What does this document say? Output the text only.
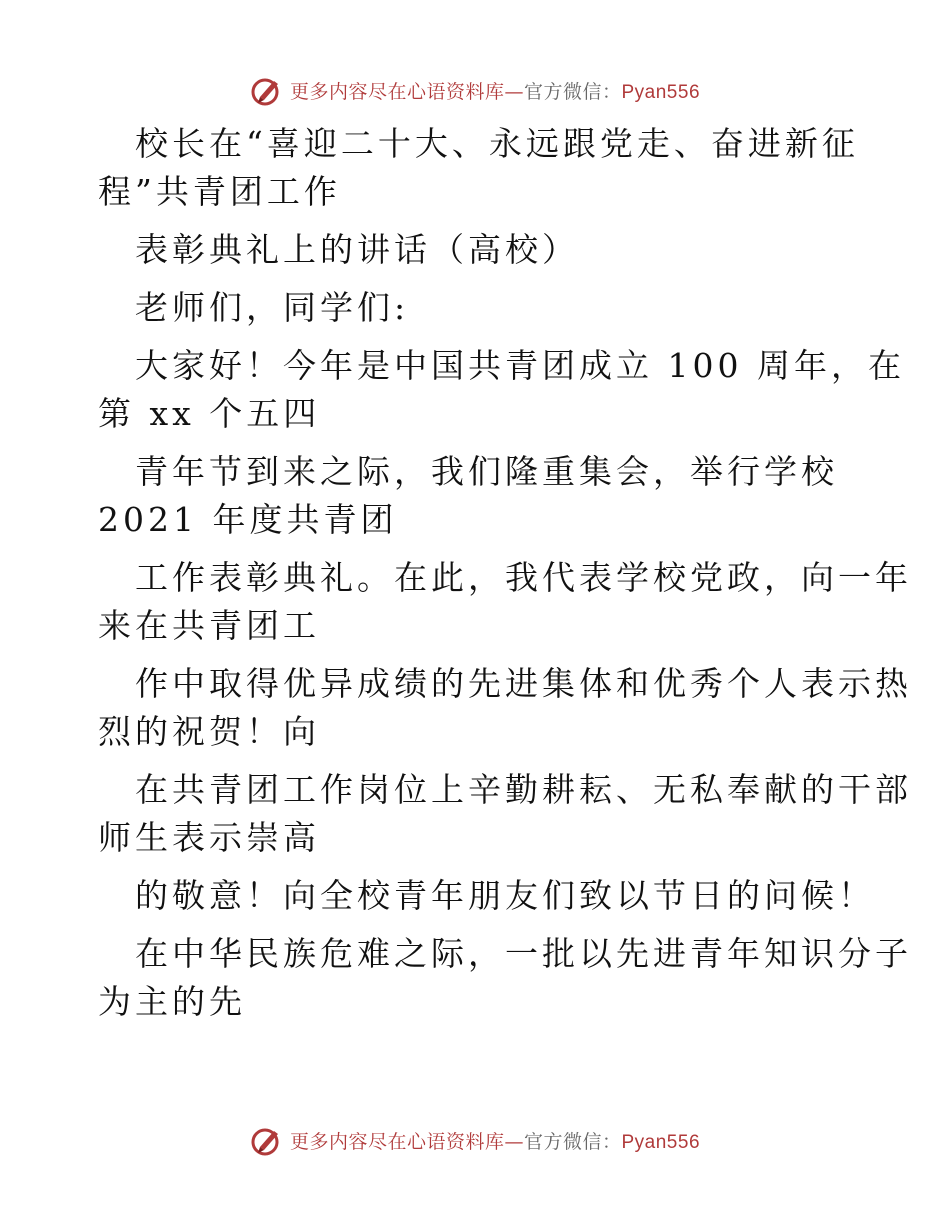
更多内容尽在心语资料库—官方微信：Pyan556
校长在“喜迎二十大、永远跟党走、奋进新征
程”共青团工作
表彰典礼上的讲话（高校）
老师们，同学们:
大家好！今年是中国共青团成立 100 周年，在
第 xx 个五四
青年节到来之际，我们隆重集会，举行学校
2021 年度共青团
工作表彰典礼。在此，我代表学校党政，向一年
来在共青团工
作中取得优异成绩的先进集体和优秀个人表示热
烈的祝贺！向
在共青团工作岗位上辛勤耕耘、无私奉献的干部
师生表示崇高
的敬意！向全校青年朋友们致以节日的问候！
在中华民族危难之际，一批以先进青年知识分子
为主的先
更多内容尽在心语资料库—官方微信：Pyan556
